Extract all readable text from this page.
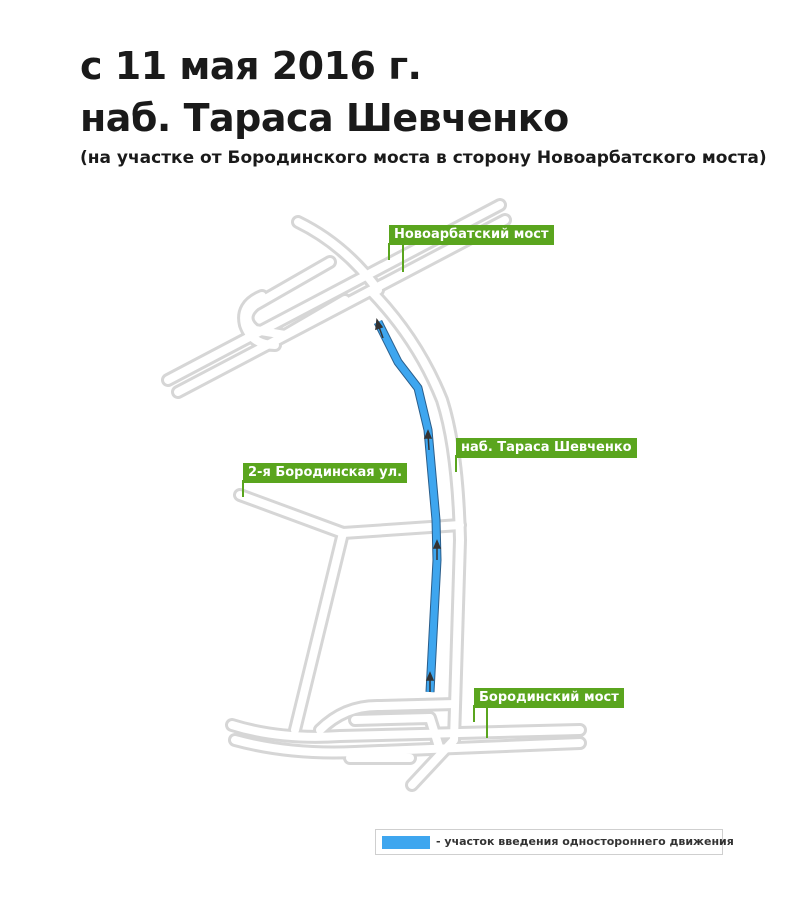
с 11 мая 2016 г.
наб. Тараса Шевченко

(на участке от Бородинского моста в сторону Новоарбатского моста)

Новоарбатский мост
наб. Тараса Шевченко
2-я Бородинская ул.
Бородинский мост
- участок введения одностороннего движения
